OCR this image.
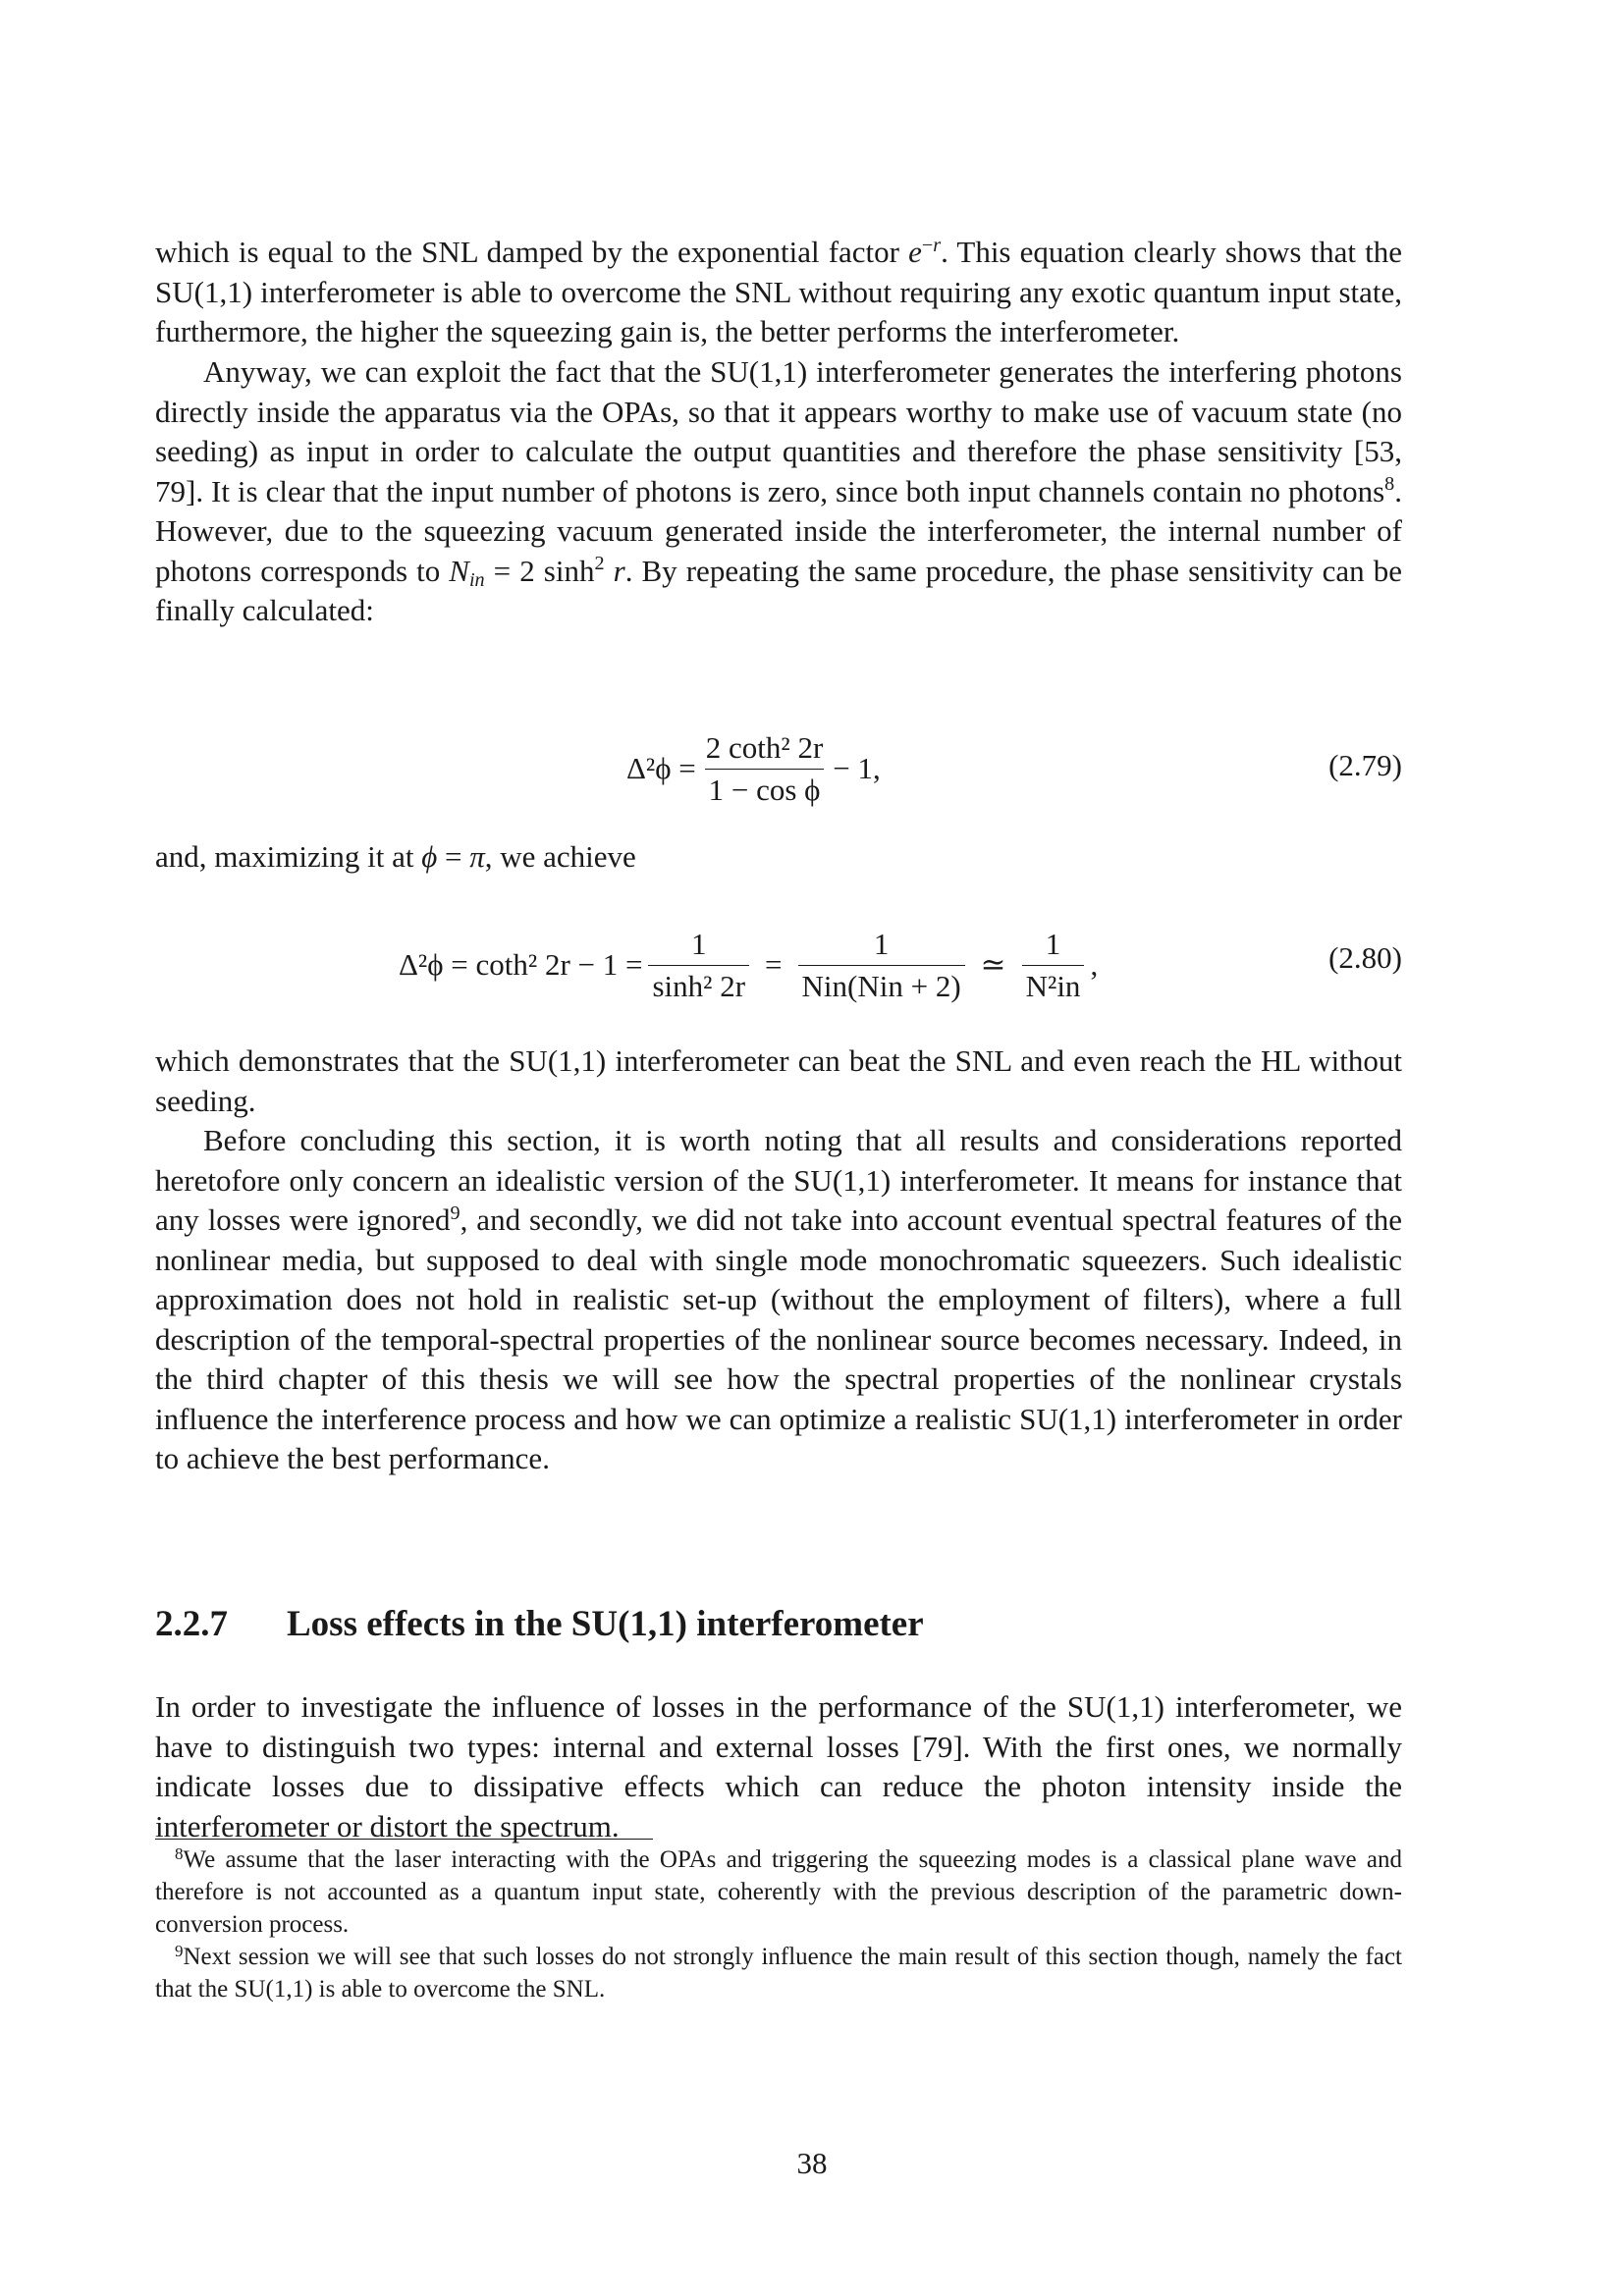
which is equal to the SNL damped by the exponential factor $e^{-r}$. This equation clearly shows that the SU(1,1) interferometer is able to overcome the SNL without requiring any exotic quantum input state, furthermore, the higher the squeezing gain is, the better performs the interferometer.

Anyway, we can exploit the fact that the SU(1,1) interferometer generates the interfering photons directly inside the apparatus via the OPAs, so that it appears worthy to make use of vacuum state (no seeding) as input in order to calculate the output quantities and therefore the phase sensitivity [53, 79]. It is clear that the input number of photons is zero, since both input channels contain no photons$^8$. However, due to the squeezing vacuum generated inside the interferometer, the internal number of photons corresponds to $N_{in} = 2$ $\sinh^2 r$. By repeating the same procedure, the phase sensitivity can be finally calculated:

$\Delta^2\phi = \frac{\text{2 coth² 2r}}{\text{1 − cos ϕ}} - 1$,	(2.79)

and, maximizing it at ϕ = π, we achieve

Δ²ϕ = coth² $2r - 1 = \frac{1}{\text{sinh² 2r}} = \frac{1}{\text{Nin(Nin + 2)}}$ ≃ $\frac{1}{\text{N²in}}$ ,	(2.80)

which demonstrates that the SU(1,1) interferometer can beat the SNL and even reach the HL without seeding.

Before concluding this section, it is worth noting that all results and considerations reported heretofore only concern an idealistic version of the SU(1,1) interferometer. It means for instance that any losses were ignored$^9$, and secondly, we did not take into account eventual spectral features of the nonlinear media, but supposed to deal with single mode monochromatic squeezers. Such idealistic approximation does not hold in realistic set-up (without the employment of filters), where a full description of the temporal-spectral properties of the nonlinear source becomes necessary. Indeed, in the third chapter of this thesis we will see how the spectral properties of the nonlinear crystals influence the interference process and how we can optimize a realistic SU(1,1) interferometer in order to achieve the best performance.

2.2.7 Loss effects in the SU(1,1) interferometer

In order to investigate the influence of losses in the performance of the SU(1,1) interferometer, we have to distinguish two types: internal and external losses [79]. With the first ones, we normally indicate losses due to dissipative effects which can reduce the photon intensity inside the interferometer or distort the spectrum.

$^8$We assume that the laser interacting with the OPAs and triggering the squeezing modes is a classical plane wave and therefore is not accounted as a quantum input state, coherently with the previous description of the parametric down-conversion process.

$^9$Next session we will see that such losses do not strongly influence the main result of this section though, namely the fact that the SU(1,1) is able to overcome the SNL.

38
